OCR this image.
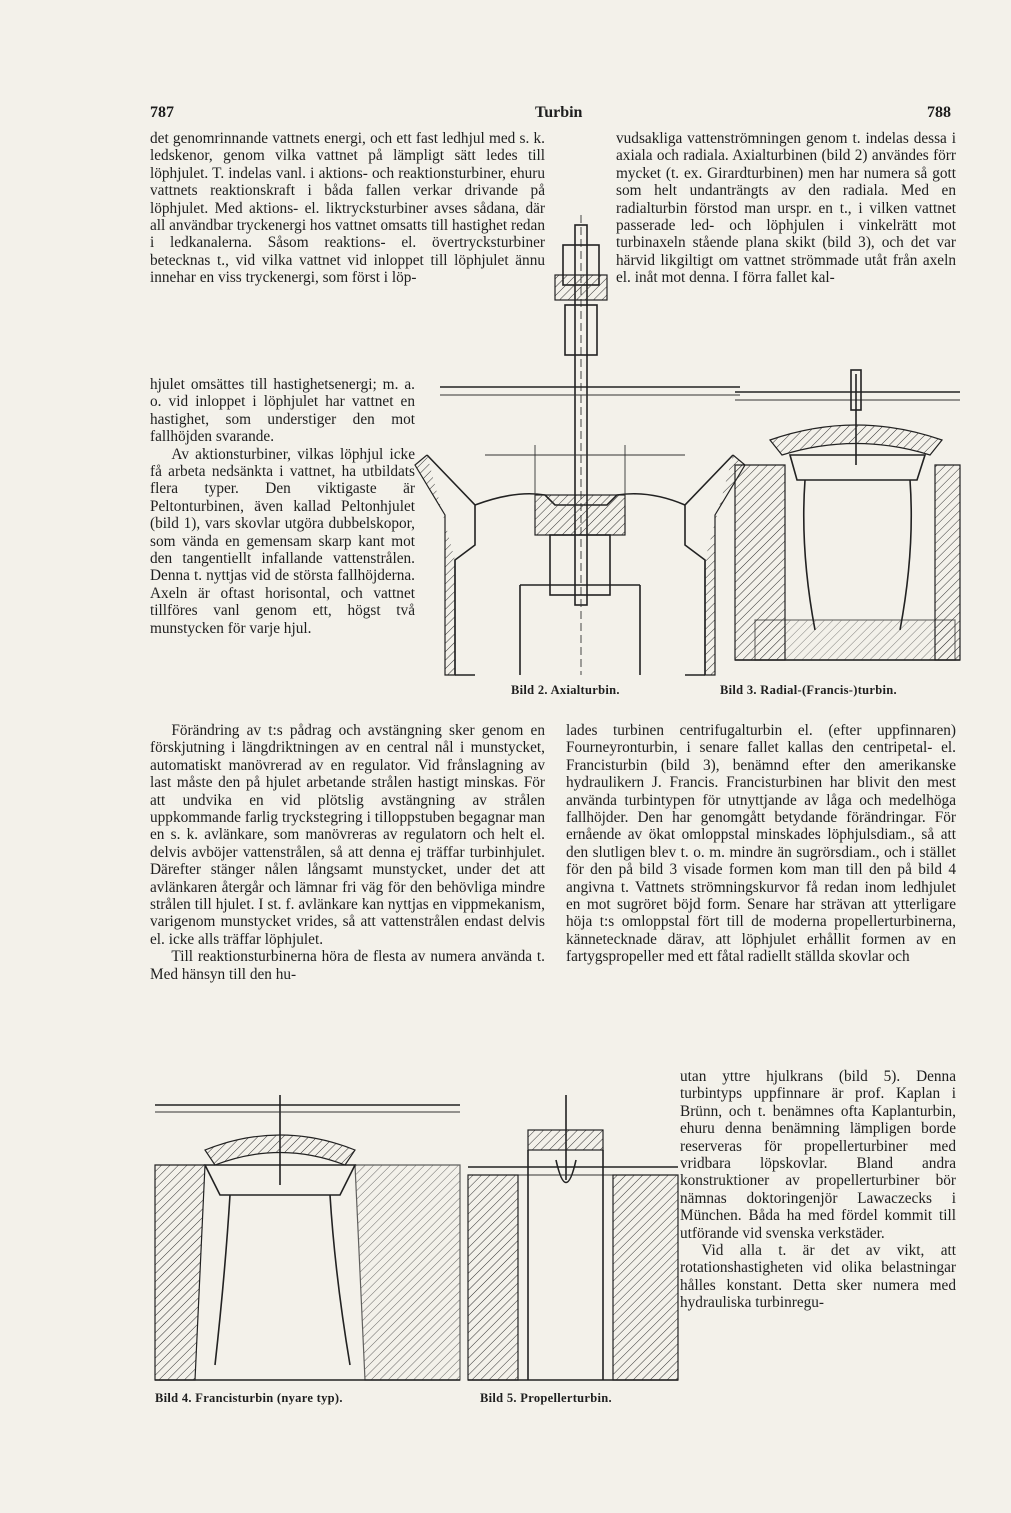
787	Turbin	788

det genomrinnande vattnets energi, och ett fast ledhjul med s. k. ledskenor, genom vilka vattnet på lämpligt sätt ledes till löphjulet. T. indelas vanl. i aktions- och reaktionsturbiner, ehuru vattnets reaktionskraft i båda fallen verkar drivande på löphjulet. Med aktions- el. liktrycksturbiner avses sådana, där all användbar tryckenergi hos vattnet omsatts till hastighet redan i ledkanalerna. Såsom reaktions- el. övertrycksturbiner betecknas t., vid vilka vattnet vid inloppet till löphjulet ännu innehar en viss tryckenergi, som först i löp-

hjulet omsättes till hastighetsenergi; m. a. o. vid inloppet i löphjulet har vattnet en hastighet, som understiger den mot fallhöjden svarande.

Av aktionsturbiner, vilkas löphjul icke få arbeta nedsänkta i vattnet, ha utbildats flera typer. Den viktigaste är Peltonturbinen, även kallad Peltonhjulet (bild 1), vars skovlar utgöra dubbelskopor, som vända en gemensam skarp kant mot den tangentiellt infallande vattenstrålen. Denna t. nyttjas vid de största fallhöjderna. Axeln är oftast horisontal, och vattnet tillföres vanl genom ett, högst två munstycken för varje hjul.

Förändring av t:s pådrag och avstängning sker genom en förskjutning i längdriktningen av en central nål i munstycket, automatiskt manövrerad av en regulator. Vid frånslagning av last måste den på hjulet arbetande strålen hastigt minskas. För att undvika en vid plötslig avstängning av strålen uppkommande farlig tryckstegring i tilloppstuben begagnar man en s. k. avlänkare, som manövreras av regulatorn och helt el. delvis avböjer vattenstrålen, så att denna ej träffar turbinhjulet. Därefter stänger nålen långsamt munstycket, under det att avlänkaren återgår och lämnar fri väg för den behövliga mindre strålen till hjulet. I st. f. avlänkare kan nyttjas en vippmekanism, varigenom munstycket vrides, så att vattenstrålen endast delvis el. icke alls träffar löphjulet.

Till reaktionsturbinerna höra de flesta av numera använda t. Med hänsyn till den hu-

vudsakliga vattenströmningen genom t. indelas dessa i axiala och radiala. Axialturbinen (bild 2) användes förr mycket (t. ex. Girardturbinen) men har numera så gott som helt undanträngts av den radiala. Med en radialturbin förstod man urspr. en t., i vilken vattnet passerade led- och löphjulen i vinkelrätt mot turbinaxeln stående plana skikt (bild 3), och det var härvid likgiltigt om vattnet strömmade utåt från axeln el. inåt mot denna. I förra fallet kal-

lades turbinen centrifugalturbin el. (efter uppfinnaren) Fourneyronturbin, i senare fallet kallas den centripetal- el. Francisturbin (bild 3), benämnd efter den amerikanske hydraulikern J. Francis. Francisturbinen har blivit den mest använda turbintypen för utnyttjande av låga och medelhöga fallhöjder. Den har genomgått betydande förändringar. För ernående av ökat omloppstal minskades löphjulsdiam., så att den slutligen blev t. o. m. mindre än sugrörsdiam., och i stället för den på bild 3 visade formen kom man till den på bild 4 angivna t. Vattnets strömningskurvor få redan inom ledhjulet en mot sugröret böjd form. Senare har strävan att ytterligare höja t:s omloppstal fört till de moderna propellerturbinerna, kännetecknade därav, att löphjulet erhållit formen av en fartygspropeller med ett fåtal radiellt ställda skovlar och

utan yttre hjulkrans (bild 5). Denna turbintyps uppfinnare är prof. Kaplan i Brünn, och t. benämnes ofta Kaplanturbin, ehuru denna benämning lämpligen borde reserveras för propellerturbiner med vridbara löpskovlar. Bland andra konstruktioner av propellerturbiner bör nämnas doktoringenjör Lawaczecks i München. Båda ha med fördel kommit till utförande vid svenska verkstäder.

Vid alla t. är det av vikt, att rotationshastigheten vid olika belastningar hålles konstant. Detta sker numera med hydrauliska turbinregu-

Bild 2. Axialturbin.	Bild 3. Radial-(Francis-)turbin.
Bild 4. Francisturbin (nyare typ).	Bild 5. Propellerturbin.
